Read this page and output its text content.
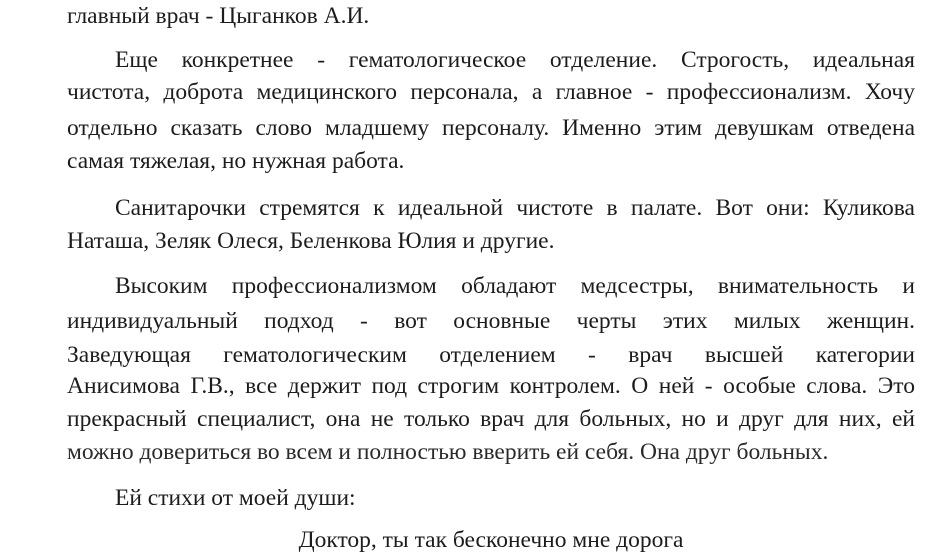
главный врач - Цыганков А.И.
Еще конкретнее - гематологическое отделение. Строгость, идеальная
чистота, доброта медицинского персонала, а главное - профессионализм. Хочу
отдельно сказать слово младшему персоналу. Именно этим девушкам отведена
самая тяжелая, но нужная работа.
Санитарочки стремятся к идеальной чистоте в палате. Вот они: Куликова
Наташа, Зеляк Олеся, Беленкова Юлия и другие.
Высоким профессионализмом обладают медсестры, внимательность и
индивидуальный подход - вот основные черты этих милых женщин.
Заведующая гематологическим отделением - врач высшей категории
Анисимова Г.В., все держит под строгим контролем. О ней - особые слова. Это
прекрасный специалист, она не только врач для больных, но и друг для них, ей
можно довериться во всем и полностью вверить ей себя. Она друг больных.
Ей стихи от моей души:
Доктор, ты так бесконечно мне дорога
